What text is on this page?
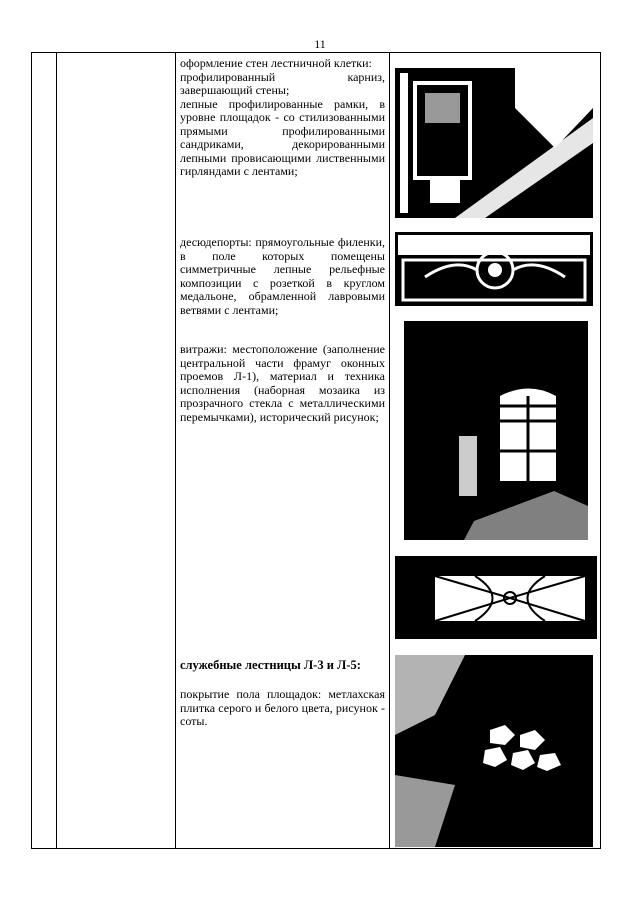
11

оформление стен лестничной клетки:

профилированный карниз, завершающий стены;

лепные профилированные рамки, в уровне площадок - со стилизованными прямыми профилированными сандриками, декорированными лепными провисающими лиственными гирляндами с лентами;

десюдепорты: прямоугольные филенки, в поле которых помещены симметричные лепные рельефные композиции с розеткой в круглом медальоне, обрамленной лавровыми ветвями с лентами;

витражи: местоположение (заполнение центральной части фрамуг оконных проемов Л-1), материал и техника исполнения (наборная мозаика из прозрачного стекла с металлическими перемычками), исторический рисунок;

служебные лестницы Л-3 и Л-5:

покрытие пола площадок: метлахская плитка серого и белого цвета, рисунок - соты.
